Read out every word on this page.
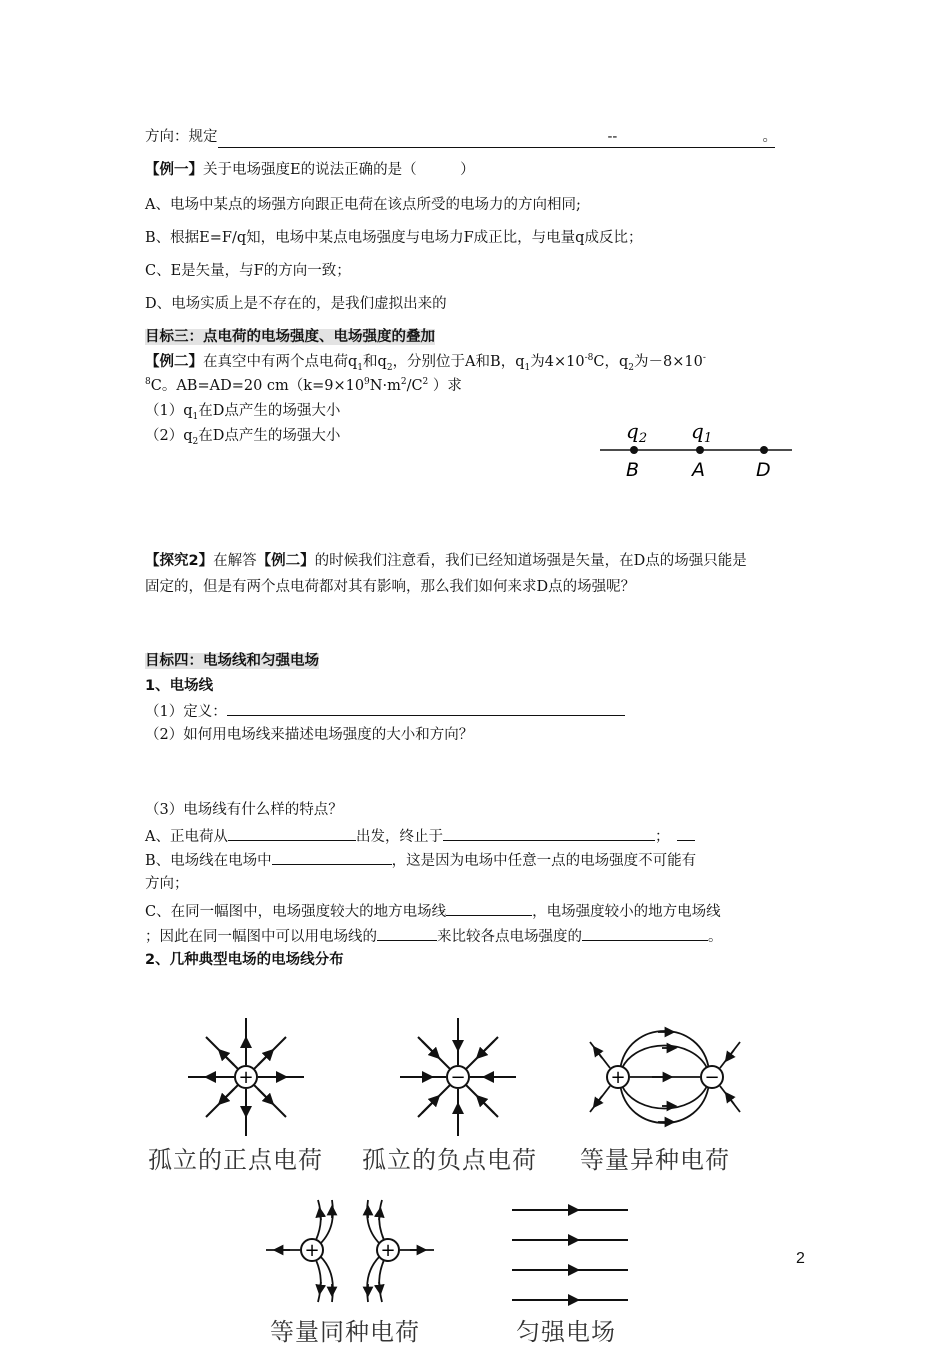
方向：规定	--	。
【例一】关于电场强度E的说法正确的是（　　　）
A、电场中某点的场强方向跟正电荷在该点所受的电场力的方向相同;
B、根据E=F/q知，电场中某点电场强度与电场力F成正比，与电量q成反比；
C、E是矢量，与F的方向一致；
D、电场实质上是不存在的，是我们虚拟出来的
目标三：点电荷的电场强度、电场强度的叠加
【例二】在真空中有两个点电荷$q_1$和$q_2$，分别位于A和B，$q_1$为$4\times 10^{-8}C$，$q_2$为－8×10-
$^8$C。AB=AD=20 $cm(k=9\times 10^9N\cdot m^2/C^2$ ）求
$(1)q_1$在D点产生的场强大小
$(2)q_2$在D点产生的场强大小	$q_2$ $q_1$
B	A	D
【探究2】在解答【例二】的时候我们注意看，我们已经知道场强是矢量，在D点的场强只能是
固定的，但是有两个点电荷都对其有影响，那么我们如何来求D点的场强呢？
目标四：电场线和匀强电场
1、电场线
（1）定义：
（2）如何用电场线来描述电场强度的大小和方向？
（3）电场线有什么样的特点？
A、正电荷从	出发，终止于	；
B、电场线在电场中	，这是因为电场中任意一点的电场强度不可能有
方向；
C、在同一幅图中，电场强度较大的地方电场线	，电场强度较小的地方电场线
；因此在同一幅图中可以用电场线的	来比较各点电场强度的	。
2、几种典型电场的电场线分布
+	−	+	−
孤立的正点电荷 孤立的负点电荷 等量异种电荷
+	+
等量同种电荷	匀强电场
2
